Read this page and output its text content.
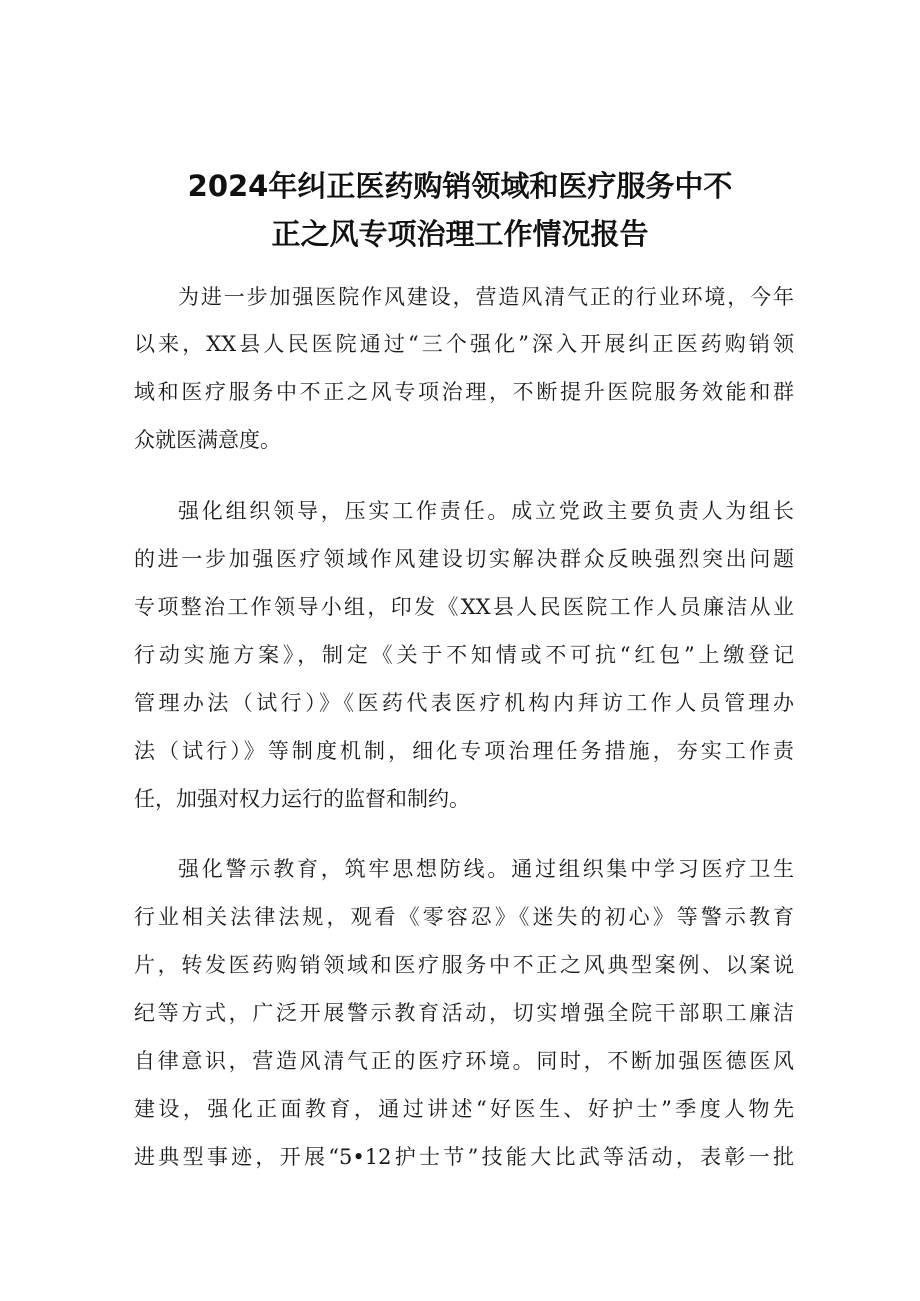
2024年纠正医药购销领域和医疗服务中不
正之风专项治理工作情况报告
为进一步加强医院作风建设，营造风清气正的行业环境，今年
以来，XX县人民医院通过“三个强化”深入开展纠正医药购销领
域和医疗服务中不正之风专项治理，不断提升医院服务效能和群
众就医满意度。
强化组织领导，压实工作责任。成立党政主要负责人为组长
的进一步加强医疗领域作风建设切实解决群众反映强烈突出问题
专项整治工作领导小组，印发《XX县人民医院工作人员廉洁从业
行动实施方案》，制定《关于不知情或不可抗“红包”上缴登记
管理办法（试行）》《医药代表医疗机构内拜访工作人员管理办
法（试行）》等制度机制，细化专项治理任务措施，夯实工作责
任，加强对权力运行的监督和制约。
强化警示教育，筑牢思想防线。通过组织集中学习医疗卫生
行业相关法律法规，观看《零容忍》《迷失的初心》等警示教育
片，转发医药购销领域和医疗服务中不正之风典型案例、以案说
纪等方式，广泛开展警示教育活动，切实增强全院干部职工廉洁
自律意识，营造风清气正的医疗环境。同时，不断加强医德医风
建设，强化正面教育，通过讲述“好医生、好护士”季度人物先
进典型事迹，开展“5•12护士节”技能大比武等活动，表彰一批
